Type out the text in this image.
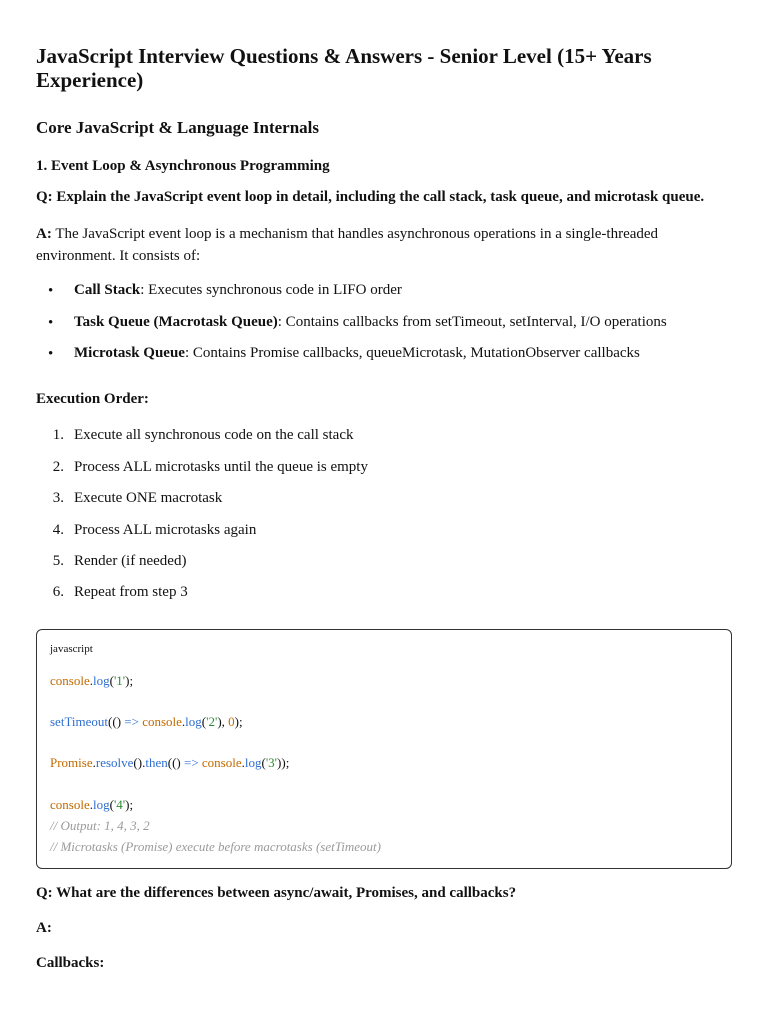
JavaScript Interview Questions & Answers - Senior Level (15+ Years Experience)
Core JavaScript & Language Internals
1. Event Loop & Asynchronous Programming
Q: Explain the JavaScript event loop in detail, including the call stack, task queue, and microtask queue.
A: The JavaScript event loop is a mechanism that handles asynchronous operations in a single-threaded environment. It consists of:
• Call Stack: Executes synchronous code in LIFO order
• Task Queue (Macrotask Queue): Contains callbacks from setTimeout, setInterval, I/O operations
• Microtask Queue: Contains Promise callbacks, queueMicrotask, MutationObserver callbacks
Execution Order:
1. Execute all synchronous code on the call stack
2. Process ALL microtasks until the queue is empty
3. Execute ONE macrotask
4. Process ALL microtasks again
5. Render (if needed)
6. Repeat from step 3
javascript
console.log('1');
setTimeout(() => console.log('2'), 0);
Promise.resolve().then(() => console.log('3'));
console.log('4');
// Output: 1, 4, 3, 2
// Microtasks (Promise) execute before macrotasks (setTimeout)
Q: What are the differences between async/await, Promises, and callbacks?
A:
Callbacks:
